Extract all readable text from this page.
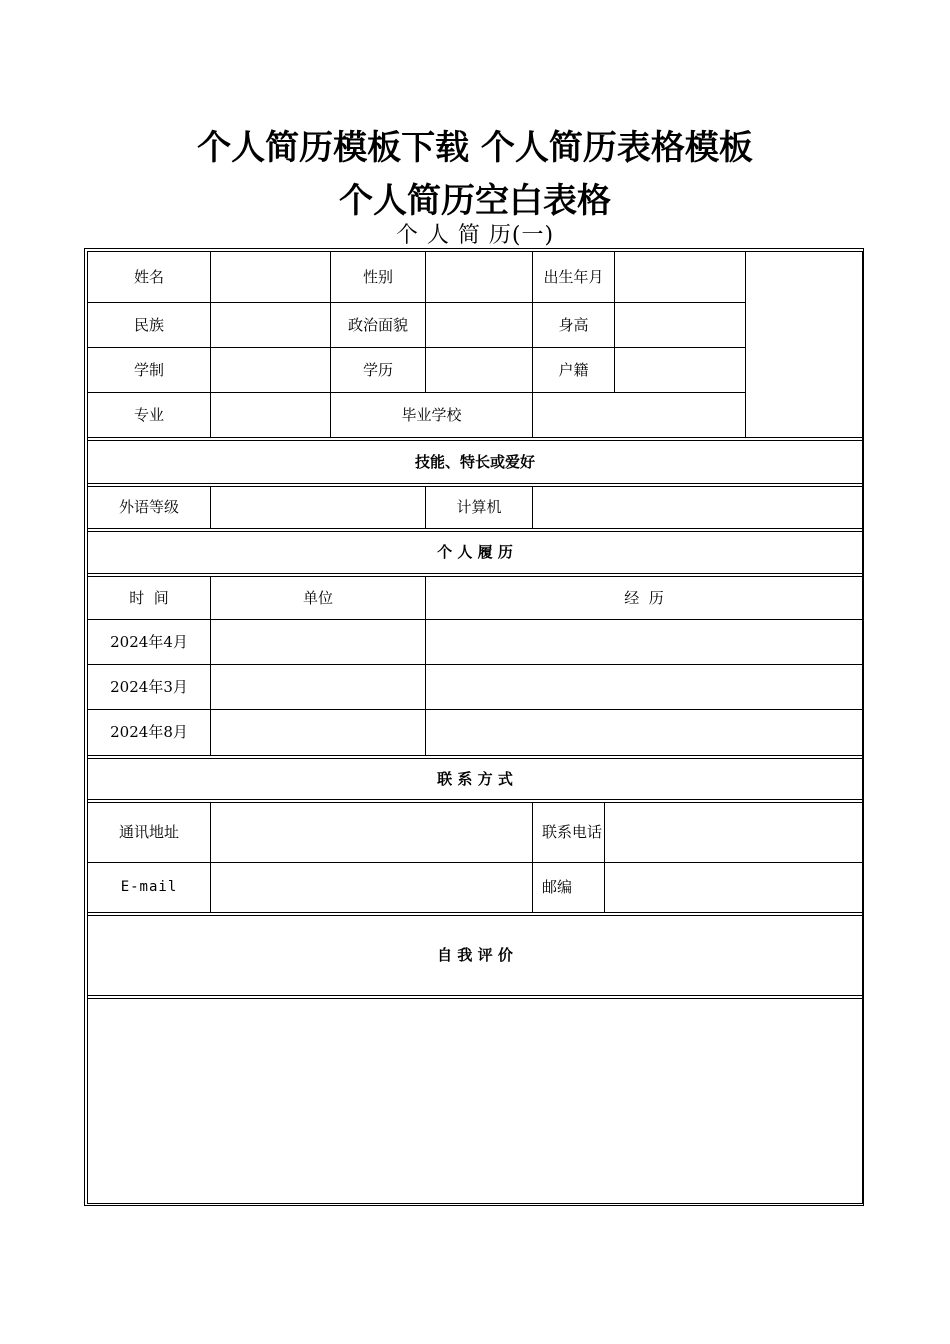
个人简历模板下载 个人简历表格模板
个人简历空白表格
个 人 简 历(一)
姓名	性别	出生年月
民族	政治面貌	身高
学制	学历	户籍
专业	毕业学校
技能、特长或爱好
外语等级	计算机
个 人 履 历
时  间	单位	经  历
2024年4月
2024年3月
2024年8月
联 系 方 式
通讯地址	联系电话
E-mail	邮编
自 我 评 价
